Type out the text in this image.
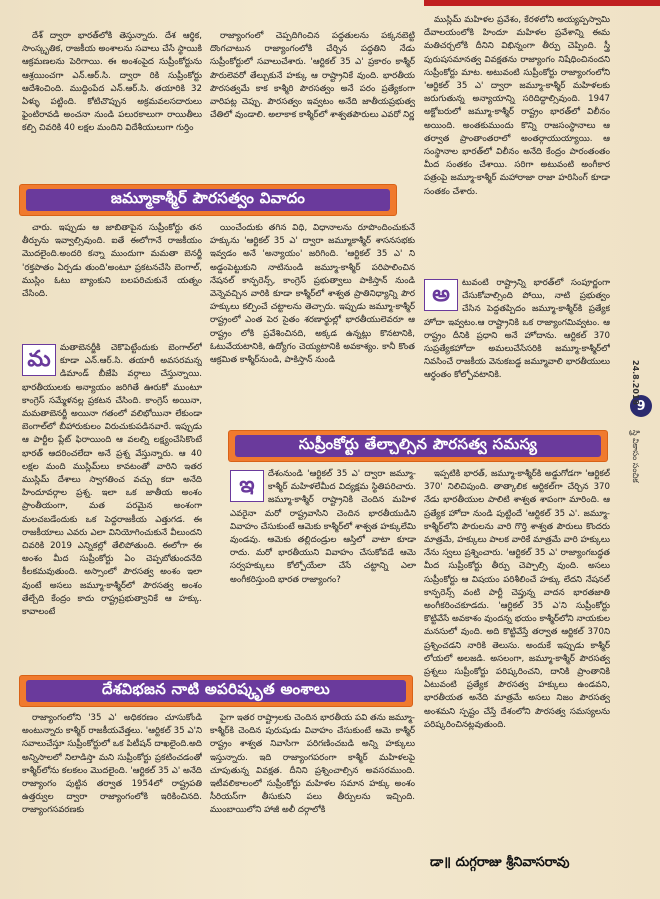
దేశ్ ద్వారా భారత్‌లోకి తెస్తున్నారు. దేశ ఆర్థిక, సాంస్కృతిక, రాజకీయ అంశాలను సవాలు చేసే స్థాయికి ఆక్రమణలను పెరిగాయి. ఈ అంశంపైద సుప్రీంకోర్టును ఆశ్రయించగా ఎన్.ఆర్.సి. ద్వారా రికి సుప్రీంకోర్టు ఆదేశించింది. ముద్దింపేద ఎన్.ఆర్.సి. తయారికి 32 ఏళ్ళు పట్టింది. కోటిచొప్పున అక్రమవలసదారులు ఫైంటిరావడి అంచనా నుండి పలురకాలుగా రాయితీలు కల్పి చివరికి 40 లక్షల మందిని విదేశీయులుగా గుర్తిం

జమ్మూకాశ్మీర్ పౌరసత్వం వివాదం

చారు. ఇప్పుడు ఆ జాబితాపైన సుప్రీంకోర్టు తన తీర్పును ఇవ్వాల్సివుంది. ఐతే ఈలోగానే రాజకీయం మొదలైంది.అందరి కన్నా ముందుగా మమతా బెనర్జీ 'రక్తపాతం ఏర్పడు తుంది'అంటూ ప్రకటనచేసి బెంగాల్, ముస్లిం ఓటు బ్యాంకుని బలపరిచుకునే యత్నం చేసింది.

మ	మతాబెనర్జీకి చెకొపెట్టేందుకు బెంగాల్‌లో కూడా ఎన్.ఆర్.సి. తయారీ అవసరమన్న డిమాండ్ బీజేపి వర్గాలు చేస్తున్నాయి. భారతీయులకు అన్యాయం జరిగితే ఊరుకో ముంటూ కాంగ్రెస్ సమ్మేళనల్ల ప్రకటన చేసింది. కాంగ్రెస్ అయినా, మమతాబెనర్జీ అయినా గతంలో వలిభోయినా లేకుండా బెంగాల్‌లో బీహారుకులం విరుచుకుపడినవారే. ఇప్పుడు ఆ పార్టీల ప్లేట్ ఫిరాయింది ఆ వలల్ని లక్ష్యంచేసికొంటే భారత్ ఆదరించలేదా అనే ప్రశ్న వేస్తున్నారు. ఆ 40 లక్షల మంది ముస్లిమ్‌లు కావటంతో వారిని ఇతర ముస్లిమ్ దేశాలు స్వాగతించ వచ్చు కదా అనేది హిందూవర్గాల ప్రశ్న. ఇలా ఒక జాతీయ అంశం ప్రాంతీయంగా, మత పరమైన అంశంగా మలచబడేందుకు ఒక పెద్దరాజకీయ ఎత్తుగడ. ఈ రాజకీయాలు ఎవరు ఎలా వినియోగించుకునే వీలుందని చివరికి 2019 ఎన్నికల్లో తేలిపోతుంది. ఈలోగా ఈ అంశం మీద సుప్రీంకోర్టు ఏం చెప్పబోతుందనేది కీలకమవుతుంది. అస్సాంలో పౌరసత్వ అంశం ఇలా వుంటే అసలు జమ్మూ-కాశ్మీర్‌లో పౌరసత్వ అంశం తేల్చేది కేంద్రం కాదు రాష్ట్రప్రభుత్వానికే ఆ హక్కు. కావాలంటే
దేశవిభజన నాటి అపరిష్కృత అంశాలు

రాజ్యాంగంలోని '35 ఎ' అధికరణం చూసుకోండి అంటున్నారు కాశ్మీర్ రాజకీయవేత్తలు. 'ఆర్టికల్ 35 ఎ'ని సవాలుచేస్తూ సుప్రీంకోర్టులో ఒక పిటీషన్ దాఖలైంది.అది అన్నిసాలలో నిలాడిస్తా మని సుప్రీంకోర్టు ప్రకటించడంతో కాశ్మీర్‌లోను కలకలం మొదలైంది. 'ఆర్టికల్ 35 ఎ' అనేది రాజ్యాంగం పుట్టిన తర్వాత 1954లో రాష్ట్రపతి ఉత్తర్వుల ద్వారా రాజ్యాంగంలోకి ఇరికించినది. రాజ్యాంగసవరణకు

రాజ్యాంగంలో చెప్పదిగించిన పద్ధతులను పక్కనబెట్టి దొంగచాటున రాజ్యాంగంలోకి చేర్చిన పద్ధతిని నేడు సుప్రీంకోర్టులో సవాలుచేశారు. 'ఆర్టికల్ 35 ఎ' ప్రకారం కాశ్మీర్ పౌరులెవరో తేల్చుకునే హక్కు ఆ రాష్ట్రానికే వుంది. భారతీయ పౌరసత్వమే కాక కాశ్మీరి పౌరసత్వం అనే పరం ప్రత్యేకంగా వారిపట్ల చెప్పు. పౌరసత్వం ఇవ్వటం అనేది జాతీయప్రభుత్వ చేతిలో వుండాలి. అలాకాక కాశ్మీర్‌లో శాశ్వతపౌరులు ఎవరో నిర్ణ

యించేందుకు తగిన విధి, విధానాలను రూపొందించుకునే హక్కును 'ఆర్టికల్ 35 ఎ' ద్వారా జమ్మూకాశ్మీర్ శాసనసభకు ఇవ్వడం అనే 'అన్యాయం' జరిగింది. 'ఆర్టికల్ 35 ఎ' ని అడ్డంపెట్టుకుని నాటినుండి జమ్మూ-కాశ్మీర్ పరిపాలించిన నేషనల్ కాన్ఫరెన్స్, కాంగ్రెస్ ప్రభుత్వాలు పాకిస్తాన్ నుండి వెన్నెవచ్చిన వారికి కూడా కాశ్మీర్‌లో శాశ్వత ప్రాతినిధ్యాన్ని పౌర హక్కులు కల్పించే చట్టాలను తెచ్చారు. ఇప్పుడు జమ్మూ-కాశ్మీర్ రాష్ట్రంలో ఎంత పెర సైతం శరణార్థుల్లో భారతీయులెవరూ ఆ రాష్ట్రం లోకి ప్రవేశించినది, అక్కడ ఉన్నట్లు కొనటానికి, ఓటువేయటానికి, ఉద్యోగం చెయ్యటానికి అవకాశ్యం. కానీ కొంత ఆక్రమిత కాశ్మీర్‌నుండి, పాకిస్తాన్ నుండి

సుప్రీంకోర్టు తేల్చాల్సిన పౌరసత్వ సమస్య
ఇ	దేశంనుండి 'ఆర్టికల్ 35 ఎ' ద్వారా జమ్మూ-కాశ్మీర్ మహిళలేమీద విద్యక్షమ స్థితిపరిచారు. జమ్మూ-కాశ్మీర్ రాష్ట్రానికి చెందిన మహిళ ఎవరైనా మరో రాష్ట్రవాసిని చెందిన భారతీయుడిని వివాహం చేసుకుంటే ఆమెకు కాశ్మీర్‌లో శాశ్వత హక్కులేమి వుండవు. ఆమెకు తల్లిదండ్రుల ఆస్తిలో వాటా కూడా రాదు. మరో భారతీయుని వివాహం చేసుకోవడే ఆమె సర్వహక్కులు కోల్పోయేలా చేసే చట్టాన్ని ఎలా అంగీకరిస్తుంది భారత రాజ్యాంగం?

పైగా ఇతర రాష్ట్రాలకు చెందిన భారతీయ పవి తను జమ్మూ-కాశ్మీర్‌కి చెందిన పురుషుడు వివాహం చేసుకుంటే ఆమె కాశ్మీర్ రాష్ట్రం శాశ్వత నివాసిగా పరిగణించబడి అన్ని హక్కులు ఇస్తున్నారు. ఇది రాజ్యాంగపరంగా కాశ్మీర్ మహిళలపై చూపుతున్న వివక్షత. దీనిని ప్రశ్నించాల్సిన అవసరముంది. ఇటీవలికాలంలో సుప్రీంకోర్టు మహిళల సమాన హక్కు అంశం సీరియస్‌గా తీసుకుని పలు తీర్పులను ఇచ్చింది. ముంబాయిలోని హాజీ అలీ దర్గాలోకి

ముస్లిమ్ మహిళల ప్రవేశం, కేరళలోని అయ్యప్పస్వామి దేవాలయంలోకి హిందూ మహిళల ప్రవేశాన్ని ఈమ మతిచర్చలోకి దీనిని విభిన్నంగా తీర్పు చెప్పింది. స్త్రీ పురుషసమానత్వ వివక్షతను రాజ్యాంగం నిషేధించినందని సుప్రీంకోర్టు మాట. అటువంటి సుప్రీంకోర్టు రాజ్యాంగంలోని 'ఆర్టికల్ 35 ఎ' ద్వారా జమ్మూ-కాశ్మీర్ మహిళలకు జరుగుతున్న అన్యాయాన్ని సరిదిద్దాల్సివుంది. 1947 అక్టోబరులో జమ్మూ-కాశ్మీర్ రాష్ట్రం భారత్‌లో విలీనం అయింది. అంతకుముందు కొన్ని రాజసంస్థానాలు ఆ తర్వాత ప్రాంతాంతరాలో అంతర్గాయుయ్యాయి. ఆ సంస్థానాల భారత్‌లో విలీనం అనేది కేంద్రం పారంతంతం మీద సంతకం చేశాయి. సరిగా అటువంటి అంగీకార పత్రంపై జమ్మూ-కాశ్మీర్ మహారాజా రాజా హరిసింగ్ కూడా సంతకం చేశారు.

అ	టువంటి రాష్ట్రాన్ని భారత్‌లో సంపూర్ణంగా చేసుకోవాల్సింది పోయి, నాటి ప్రభుత్వం చేసిన పెద్దతప్పిదం జమ్మూ-కాశ్మీర్‌కి ప్రత్యేక హోదా ఇవ్వటం.ఆ రాష్ట్రానికి ఒక రాజ్యాంగమివ్వటం. ఆ రాష్ట్రం దీనికి ప్రధాని అనే హోదాను. ఆర్టికల్ 370 సుప్రత్యేకహోదా అమలుచేసేసరికి జమ్మూ-కాశ్మీర్‌లో నివసించే రాజకీయ వెనుకబడ్డ జమ్మూవాలి భారతీయులు ఆర్ధంతం కోల్పోవటానికి.

ఇప్పటికి భారత్, జమ్మూ-కాశ్మీర్‌కి అడ్డుగోడగా 'ఆర్టికల్ 370' నిలిచిపుంది. తాత్కాలిక ఆర్టికల్‌గా చేర్చిన 370 నేడు భారతీయుల పాలిటి శాశ్వత శాపంగా మారింది. ఆ ప్రత్యేక హోదా నుండి పుట్టిందే 'ఆర్టికల్ 35 ఎ'. జమ్మూ-కాశ్మీర్‌లోని పౌరులను వారి గొర్తి శాశ్వత పౌరులు కొందరు మాత్రమే, హక్కులు పాలక వారికే మాత్రమే వారి హక్కులు నేను స్వలు ప్రశ్నించారు. 'ఆర్టికల్ 35 ఎ' రాజ్యాంగబద్ధత మీద సుప్రీంకోర్టు తీర్పు చెప్పాల్సి వుంది. అసలు సుప్రీంకోర్టు ఆ విషయం పరిశీలించే హక్కు లేదని నేషనల్ కాన్ఫరెన్స్ వంటి పార్టీ చెప్తున్న వాదన భారతజాతి అంగీకరించకూడదు. 'ఆర్టికల్ 35 ఎ'ని సుప్రీంకోర్టు కొట్టివేసే అవకాశం వుందన్న భయం కాశ్మీర్‌లోని నాయకుల మనసులో వుంది. అది కొట్టివేస్తే తర్వాత ఆర్టికల్ 370ని ప్రశ్నించడని నారికి తెలుసు. అందుకే ఇప్పుడు కాశ్మీర్ లోయలో అలజడి. అసలంగా, జమ్మూ-కాశ్మీర్ పౌరసత్వ ప్రశ్నలు సుప్రీంకోర్టు పరిష్కరించని, దానికి ప్రాంతానికి ఏటువంటి ప్రత్యేక పౌరసత్వ హక్కులు ఉండవని, భారతీయత అనేది మాత్రమే అసలు నిజం పౌరసత్వ అంశమని స్పష్టం చేస్తే దేశంలోని పౌరసత్వ సమస్యలను పరిష్కరించినట్లవుతుంది.

డా॥ దుగ్గరాజు శ్రీనివాసరావు
9
24.8.2018
స్త్రీ వికాసం సంచిక
